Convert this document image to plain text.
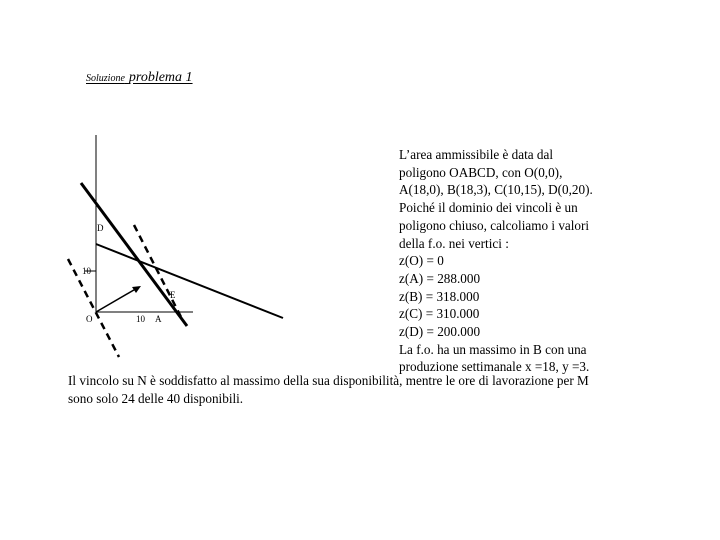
Soluzione problema 1
D
10
E
O	10 A
L’area ammissibile è data dal
poligono OABCD, con O(0,0),
A(18,0), B(18,3), C(10,15), D(0,20).
Poiché il dominio dei vincoli è un
poligono chiuso, calcoliamo i valori
della f.o. nei vertici :
z(O) = 0
z(A) = 288.000
z(B) = 318.000
z(C) = 310.000
z(D) = 200.000
La f.o. ha un massimo in B con una
produzione settimanale x =18, y =3.
Il vincolo su N è soddisfatto al massimo della sua disponibilità, mentre le ore di lavorazione per M
sono solo 24 delle 40 disponibili.
